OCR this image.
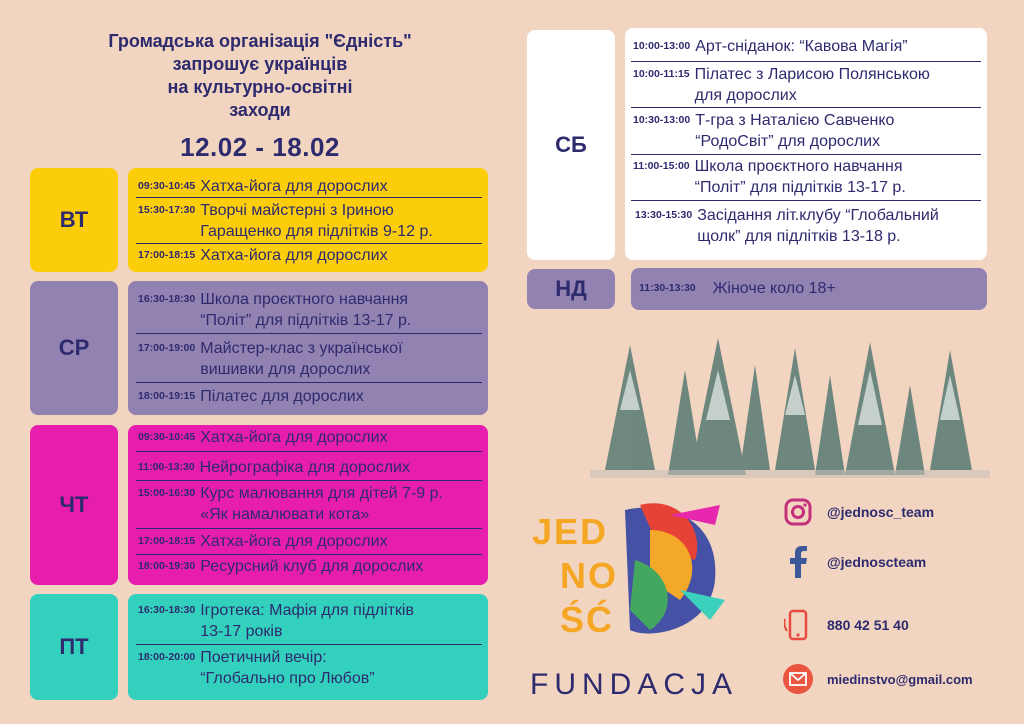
Громадська організація "Єдність"
запрошує українців
на культурно-освітні
заходи
12.02 - 18.02
ВТ
09:30-10:45 Хатха-йога для дорослих
15:30-17:30 Творчі майстерні з Іриною
Гаращенко для підлітків 9-12 р.
17:00-18:15 Хатха-йога для дорослих
СР
16:30-18:30 Школа проєктного навчання
“Політ” для підлітків 13-17 р.
17:00-19:00 Майстер-клас з української
вишивки для дорослих
18:00-19:15 Пілатес для дорослих
ЧТ
09:30-10:45 Хатха-йога для дорослих
11:00-13:30 Нейрографіка для дорослих
15:00-16:30 Курс малювання для дітей 7-9 р.
«Як намалювати кота»
17:00-18:15 Хатха-йога для дорослих
18:00-19:30 Ресурсний клуб для дорослих
ПТ
16:30-18:30 Ігротека: Мафія для підлітків
13-17 років
18:00-20:00 Поетичний вечір:
“Глобально про Любов”
СБ
10:00-13:00 Арт-сніданок: “Кавова Магія”
10:00-11:15 Пілатес з Ларисою Полянською
для дорослих
10:30-13:00 Т-гра з Наталією Савченко
“РодоСвіт” для дорослих
11:00-15:00 Школа проєктного навчання
“Політ” для підлітків 13-17 р.
13:30-15:30 Засідання літ.клубу “Глобальний
щолк” для підлітків 13-18 р.
НД	11:30-13:30 Жіноче коло 18+
JED
NO
ŚĆ
FUNDACJA
@jednosc_team
@jednoscteam
880 42 51 40
miedinstvo@gmail.com
